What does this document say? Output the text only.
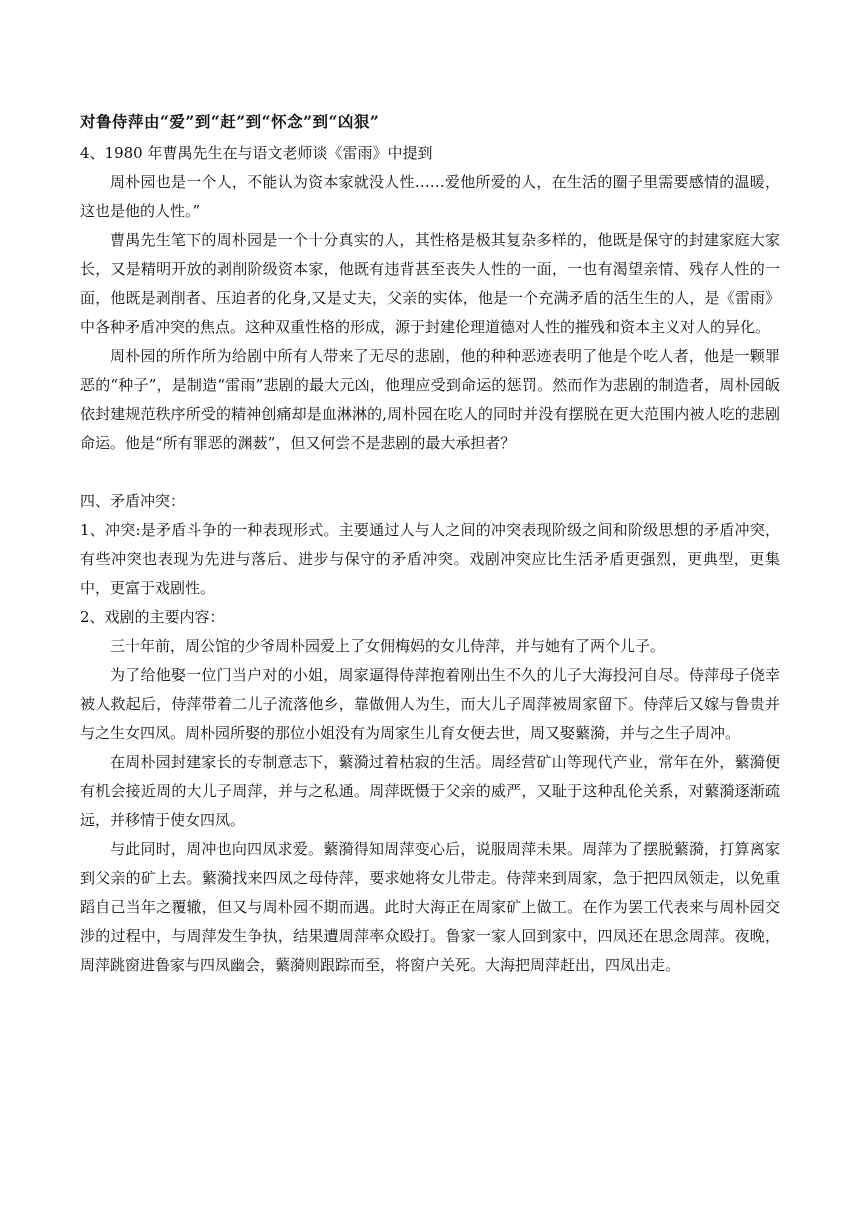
对鲁侍萍由“爱”到“赶”到“怀念”到“凶狠”

4、1980 年曹禺先生在与语文老师谈《雷雨》中提到

周朴园也是一个人，不能认为资本家就没人性……爱他所爱的人，在生活的圈子里需要感情的温暖，这也是他的人性。”

曹禺先生笔下的周朴园是一个十分真实的人，其性格是极其复杂多样的，他既是保守的封建家庭大家长，又是精明开放的剥削阶级资本家，他既有违背甚至丧失人性的一面，一也有渴望亲情、残存人性的一面，他既是剥削者、压迫者的化身,又是丈夫，父亲的实体，他是一个充满矛盾的活生生的人，是《雷雨》中各种矛盾冲突的焦点。这种双重性格的形成，源于封建伦理道德对人性的摧残和资本主义对人的异化。

周朴园的所作所为给剧中所有人带来了无尽的悲剧，他的种种恶迹表明了他是个吃人者，他是一颗罪恶的“种子”，是制造“雷雨”悲剧的最大元凶，他理应受到命运的惩罚。然而作为悲剧的制造者，周朴园皈依封建规范秩序所受的精神创痛却是血淋淋的,周朴园在吃人的同时并没有摆脱在更大范围内被人吃的悲剧命运。他是“所有罪恶的渊薮”，但又何尝不是悲剧的最大承担者？

四、矛盾冲突：

1、冲突:是矛盾斗争的一种表现形式。主要通过人与人之间的冲突表现阶级之间和阶级思想的矛盾冲突，有些冲突也表现为先进与落后、进步与保守的矛盾冲突。戏剧冲突应比生活矛盾更强烈，更典型，更集中，更富于戏剧性。

2、戏剧的主要内容：

三十年前，周公馆的少爷周朴园爱上了女佣梅妈的女儿侍萍，并与她有了两个儿子。

为了给他娶一位门当户对的小姐，周家逼得侍萍抱着刚出生不久的儿子大海投河自尽。侍萍母子侥幸被人救起后，侍萍带着二儿子流落他乡，靠做佣人为生，而大儿子周萍被周家留下。侍萍后又嫁与鲁贵并与之生女四凤。周朴园所娶的那位小姐没有为周家生儿育女便去世，周又娶蘩漪，并与之生子周冲。

在周朴园封建家长的专制意志下，蘩漪过着枯寂的生活。周经营矿山等现代产业，常年在外，蘩漪便有机会接近周的大儿子周萍，并与之私通。周萍既慑于父亲的威严，又耻于这种乱伦关系，对蘩漪逐渐疏远，并移情于使女四凤。

与此同时，周冲也向四凤求爱。蘩漪得知周萍变心后，说服周萍未果。周萍为了摆脱蘩漪，打算离家到父亲的矿上去。蘩漪找来四凤之母侍萍，要求她将女儿带走。侍萍来到周家，急于把四凤领走，以免重蹈自己当年之覆辙，但又与周朴园不期而遇。此时大海正在周家矿上做工。在作为罢工代表来与周朴园交涉的过程中，与周萍发生争执，结果遭周萍率众殴打。鲁家一家人回到家中，四凤还在思念周萍。夜晚，周萍跳窗进鲁家与四凤幽会，蘩漪则跟踪而至，将窗户关死。大海把周萍赶出，四凤出走。
